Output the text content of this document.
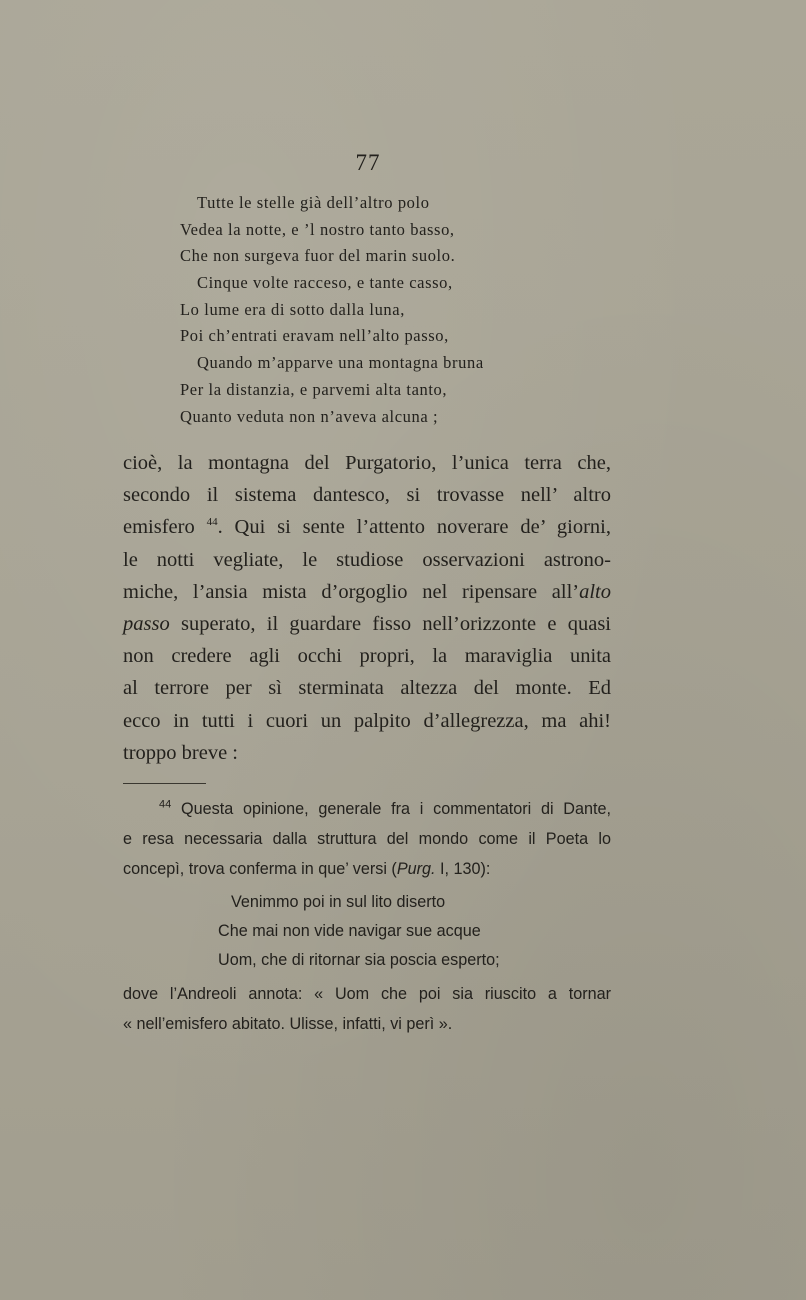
77
Tutte le stelle già dell’altro polo
Vedea la notte, e ’l nostro tanto basso,
Che non surgeva fuor del marin suolo.
Cinque volte racceso, e tante casso,
Lo lume era di sotto dalla luna,
Poi ch’entrati eravam nell’alto passo,
Quando m’apparve una montagna bruna
Per la distanzia, e parvemi alta tanto,
Quanto veduta non n’aveva alcuna ;
cioè, la montagna del Purgatorio, l’unica terra che,
secondo il sistema dantesco, si trovasse nell’ altro
emisfero $^{44}$. Qui si sente l’attento noverare de’ giorni,
le notti vegliate, le studiose osservazioni astrono-
miche, l’ansia mista d’orgoglio nel ripensare all’alto
passo superato, il guardare fisso nell’orizzonte e quasi
non credere agli occhi propri, la maraviglia unita
al terrore per sì sterminata altezza del monte. Ed
ecco in tutti i cuori un palpito d’allegrezza, ma ahi!
troppo breve :
$^{44}$ Questa opinione, generale fra i commentatori di Dante,
e resa necessaria dalla struttura del mondo come il Poeta lo
concepì, trova conferma in que’ versi (Purg. I, 130):
Venimmo poi in sul lito diserto
Che mai non vide navigar sue acque
Uom, che di ritornar sia poscia esperto;
dove l’Andreoli annota: « Uom che poi sia riuscito a tornar
« nell’emisfero abitato. Ulisse, infatti, vi perì ».
